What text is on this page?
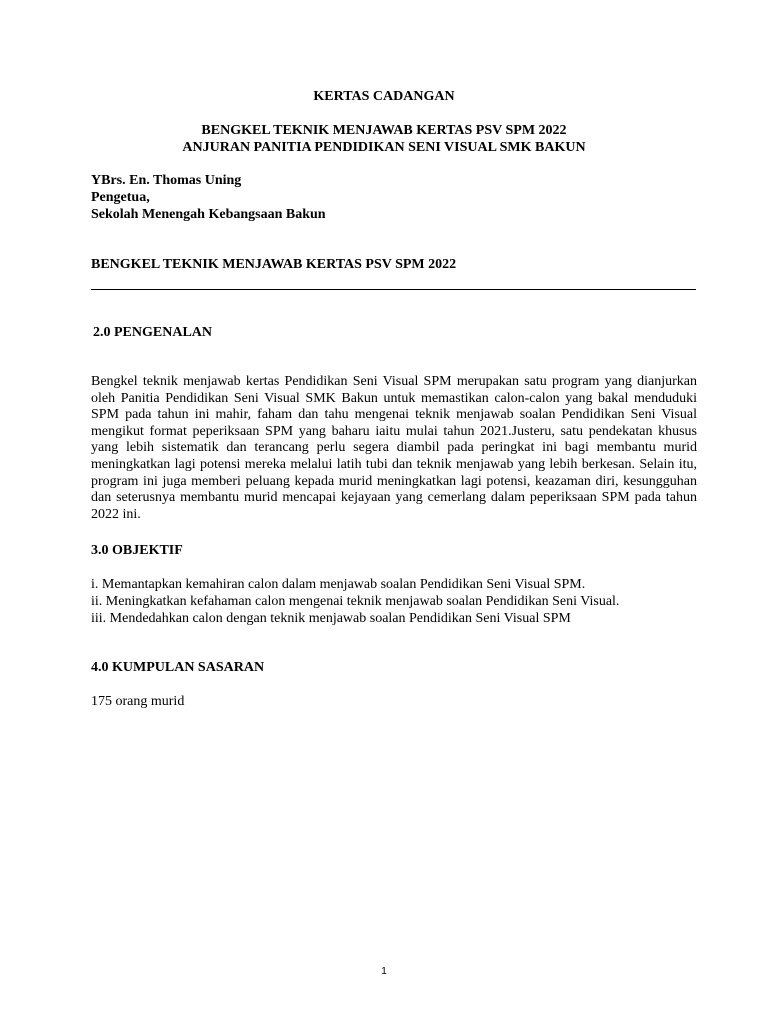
KERTAS CADANGAN
BENGKEL TEKNIK MENJAWAB KERTAS PSV SPM 2022
ANJURAN PANITIA PENDIDIKAN SENI VISUAL SMK BAKUN
YBrs. En. Thomas Uning
Pengetua,
Sekolah Menengah Kebangsaan Bakun
BENGKEL TEKNIK MENJAWAB KERTAS PSV SPM 2022
2.0 PENGENALAN

Bengkel teknik menjawab kertas Pendidikan Seni Visual SPM merupakan satu program yang dianjurkan oleh Panitia Pendidikan Seni Visual SMK Bakun untuk memastikan calon-calon yang bakal menduduki SPM pada tahun ini mahir, faham dan tahu mengenai teknik menjawab soalan Pendidikan Seni Visual mengikut format peperiksaan SPM yang baharu iaitu mulai tahun 2021.Justeru, satu pendekatan khusus yang lebih sistematik dan terancang perlu segera diambil pada peringkat ini bagi membantu murid meningkatkan lagi potensi mereka melalui latih tubi dan teknik menjawab yang lebih berkesan. Selain itu, program ini juga memberi peluang kepada murid meningkatkan lagi potensi, keazaman diri, kesungguhan dan seterusnya membantu murid mencapai kejayaan yang cemerlang dalam peperiksaan SPM pada tahun 2022 ini.

3.0 OBJEKTIF
i. Memantapkan kemahiran calon dalam menjawab soalan Pendidikan Seni Visual SPM.
ii. Meningkatkan kefahaman calon mengenai teknik menjawab soalan Pendidikan Seni Visual.
iii. Mendedahkan calon dengan teknik menjawab soalan Pendidikan Seni Visual SPM
4.0 KUMPULAN SASARAN
175 orang murid
1
